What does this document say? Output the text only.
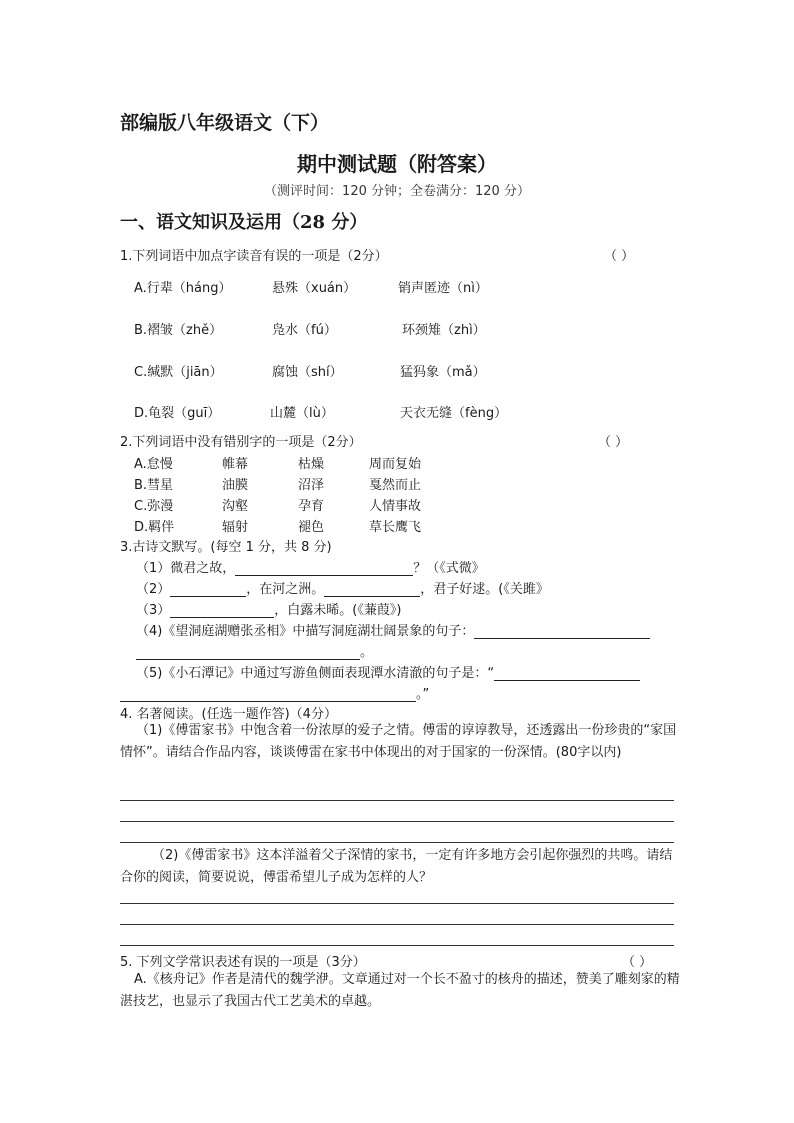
部编版八年级语文（下）
期中测试题（附答案）
（测评时间：120 分钟；全卷满分：120 分）
一、语文知识及运用（28 分）
1.下列词语中加点字读音有误的一项是（2分）	（ ）
A.行辈（háng）	悬殊（xuán）	销声匿迹（nì）
B.褶皱（zhě）	凫水（fú）	环颈雉（zhì）
C.缄默（jiān）	腐蚀（shí）	猛犸象（mǎ）
D.龟裂（guī）	山麓（lù）	天衣无缝（fèng）
2.下列词语中没有错别字的一项是（2分）	（ ）
A.怠慢	帷幕	枯燥	周而复始
B.彗星	油膜	沼泽	戛然而止
C.弥漫	沟壑	孕育	人情事故
D.羁伴	辐射	褪色	草长鹰飞
3.古诗文默写。(每空 1 分，共 8 分)
（1）微君之故，	？（《式微》
（2）	，在河之洲。	，君子好逑。(《关雎》
（3）	，白露未晞。(《蒹葭》)
（4)《望洞庭湖赠张丞相》中描写洞庭湖壮阔景象的句子：
。
（5)《小石潭记》中通过写游鱼侧面表现潭水清澈的句子是：“
。”
4. 名著阅读。(任选一题作答)（4分）
（1)《傅雷家书》中饱含着一份浓厚的爱子之情。傅雷的谆谆教导，还透露出一份珍贵的“家国情怀”。请结合作品内容，谈谈傅雷在家书中体现出的对于国家的一份深情。(80字以内)
（2)《傅雷家书》这本洋溢着父子深情的家书，一定有许多地方会引起你强烈的共鸣。请结合你的阅读，简要说说，傅雷希望儿子成为怎样的人？
5. 下列文学常识表述有误的一项是（3分）	（ ）
A.《核舟记》作者是清代的魏学洢。文章通过对一个长不盈寸的核舟的描述，赞美了雕刻家的精湛技艺，也显示了我国古代工艺美术的卓越。
